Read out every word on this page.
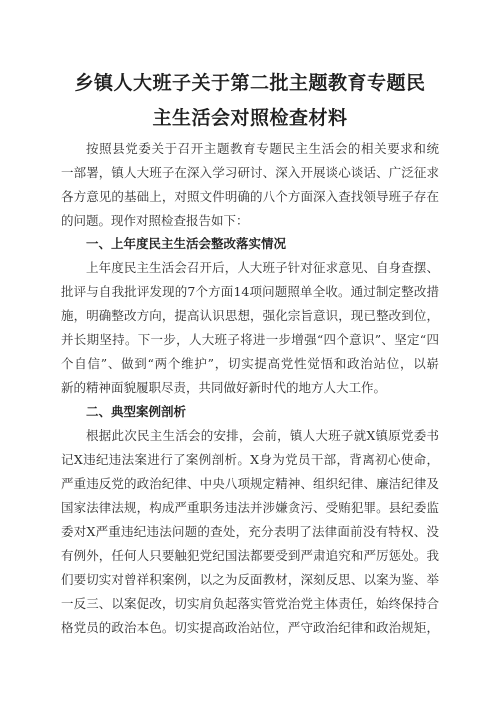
乡镇人大班子关于第二批主题教育专题民
主生活会对照检查材料
按照县党委关于召开主题教育专题民主生活会的相关要求和统
一部署，镇人大班子在深入学习研讨、深入开展谈心谈话、广泛征求
各方意见的基础上，对照文件明确的八个方面深入查找领导班子存在
的问题。现作对照检查报告如下：
一、上年度民主生活会整改落实情况
上年度民主生活会召开后，人大班子针对征求意见、自身查摆、
批评与自我批评发现的7个方面14项问题照单全收。通过制定整改措
施，明确整改方向，提高认识思想，强化宗旨意识，现已整改到位，
并长期坚持。下一步，人大班子将进一步增强“四个意识”、坚定“四
个自信”、做到“两个维护”，切实提高党性觉悟和政治站位，以崭
新的精神面貌履职尽责，共同做好新时代的地方人大工作。
二、典型案例剖析
根据此次民主生活会的安排，会前，镇人大班子就X镇原党委书
记X违纪违法案进行了案例剖析。X身为党员干部，背离初心使命，
严重违反党的政治纪律、中央八项规定精神、组织纪律、廉洁纪律及
国家法律法规，构成严重职务违法并涉嫌贪污、受贿犯罪。县纪委监
委对X严重违纪违法问题的查处，充分表明了法律面前没有特权、没
有例外，任何人只要触犯党纪国法都要受到严肃追究和严厉惩处。我
们要切实对曾祥积案例，以之为反面教材，深刻反思、以案为鉴、举
一反三、以案促改，切实肩负起落实管党治党主体责任，始终保持合
格党员的政治本色。切实提高政治站位，严守政治纪律和政治规矩，
